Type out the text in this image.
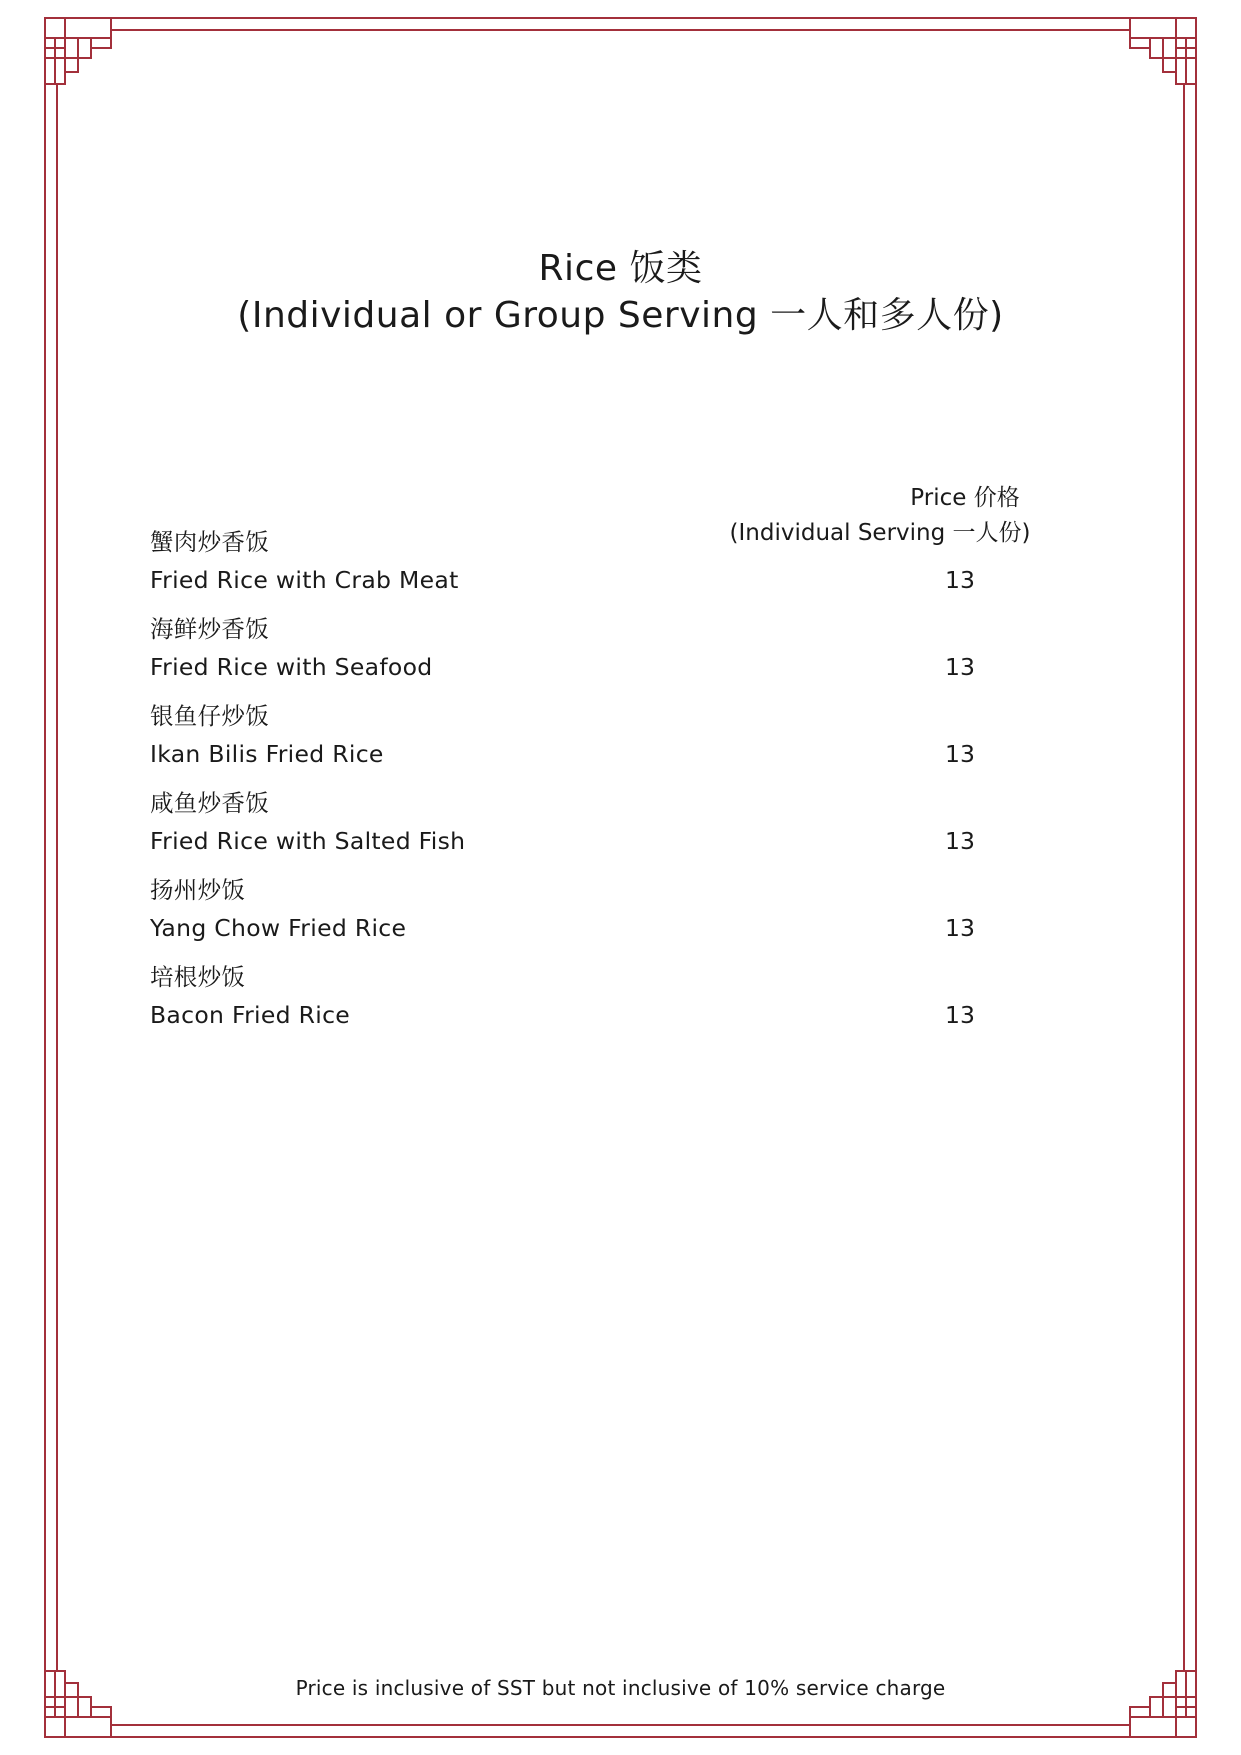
Rice 饭类
(Individual or Group Serving 一人和多人份)
Price 价格
(Individual Serving 一人份)
蟹肉炒香饭
Fried Rice with Crab Meat	13
海鲜炒香饭
Fried Rice with Seafood	13
银鱼仔炒饭
Ikan Bilis Fried Rice	13
咸鱼炒香饭
Fried Rice with Salted Fish	13
扬州炒饭
Yang Chow Fried Rice	13
培根炒饭
Bacon Fried Rice	13
Price is inclusive of SST but not inclusive of 10% service charge
